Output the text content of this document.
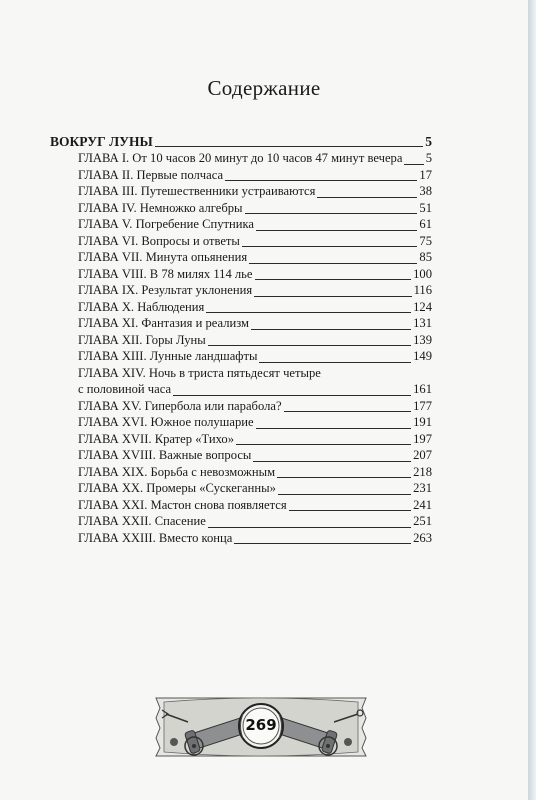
Содержание
ВОКРУГ ЛУНЫ	5
ГЛАВА I. От 10 часов 20 минут до 10 часов 47 минут вечера 5
ГЛАВА II. Первые полчаса	17
ГЛАВА III. Путешественники устраиваются	38
ГЛАВА IV. Немножко алгебры	51
ГЛАВА V. Погребение Спутника	61
ГЛАВА VI. Вопросы и ответы	75
ГЛАВА VII. Минута опьянения	85
ГЛАВА VIII. В 78 милях 114 лье	100
ГЛАВА IX. Результат уклонения	116
ГЛАВА X. Наблюдения	124
ГЛАВА XI. Фантазия и реализм	131
ГЛАВА XII. Горы Луны	139
ГЛАВА XIII. Лунные ландшафты	149
ГЛАВА XIV. Ночь в триста пятьдесят четыре
с половиной часа	161
ГЛАВА XV. Гипербола или парабола?	177
ГЛАВА XVI. Южное полушарие	191
ГЛАВА XVII. Кратер «Тихо»	197
ГЛАВА XVIII. Важные вопросы	207
ГЛАВА XIX. Борьба с невозможным	218
ГЛАВА XX. Промеры «Сускеганны»	231
ГЛАВА XXI. Мастон снова появляется	241
ГЛАВА XXII. Спасение	251
ГЛАВА XXIII. Вместо конца	263
269
